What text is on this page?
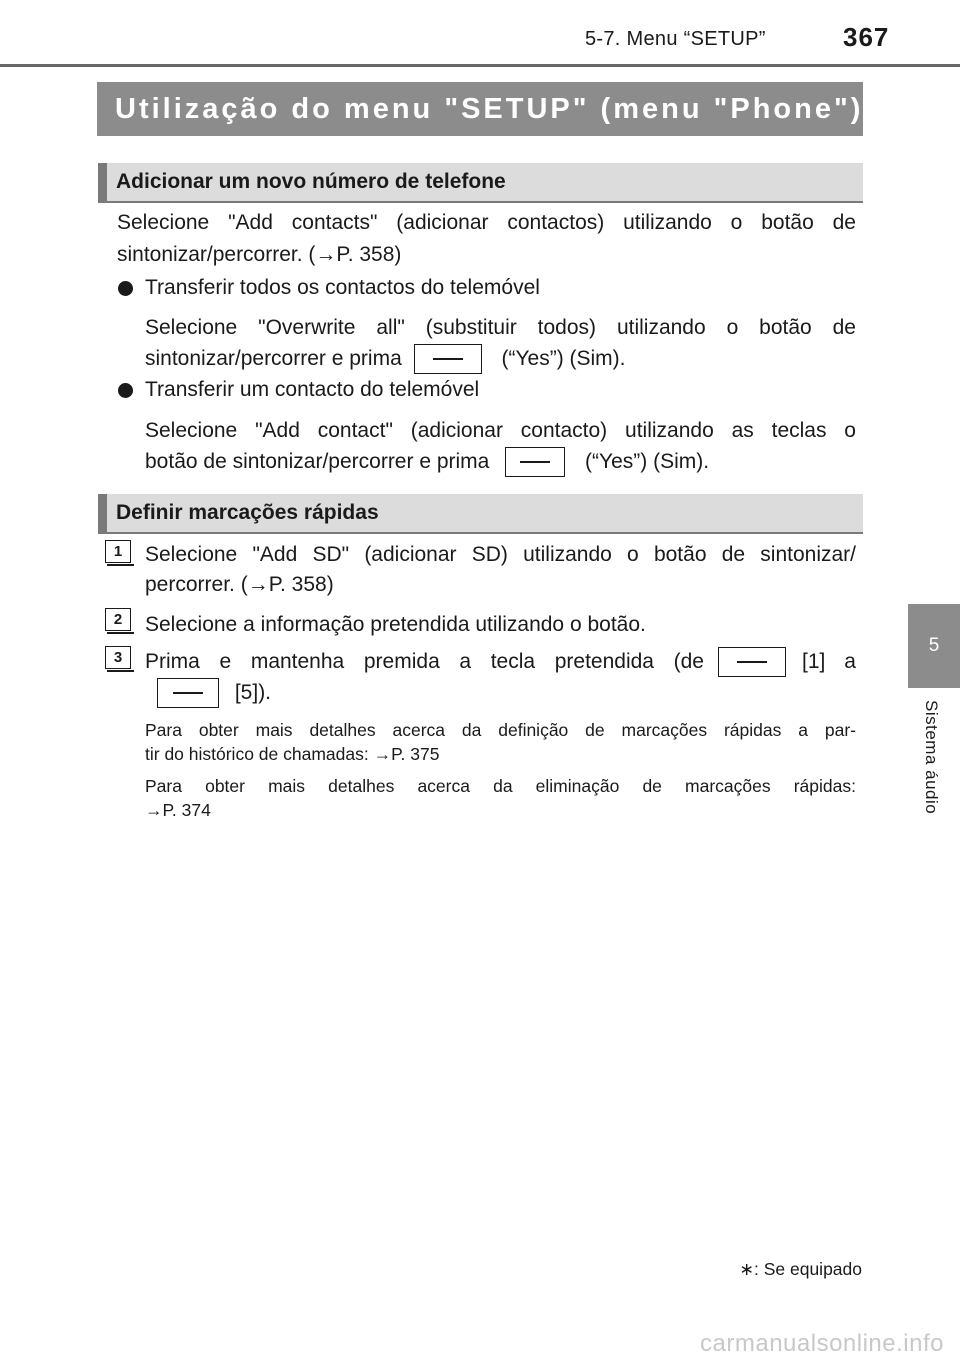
5-7. Menu “SETUP”	367
Utilização do menu "SETUP" (menu "Phone") ∗
Adicionar um novo número de telefone
Selecione "Add contacts" (adicionar contactos) utilizando o botão de
sintonizar/percorrer. (→P. 358)
Transferir todos os contactos do telemóvel
Selecione "Overwrite all" (substituir todos) utilizando o botão de
sintonizar/percorrer e prima	(“Yes”) (Sim).
Transferir um contacto do telemóvel
Selecione "Add contact" (adicionar contacto) utilizando as teclas o
botão de sintonizar/percorrer e prima	(“Yes”) (Sim).
Definir marcações rápidas
1	Selecione "Add SD" (adicionar SD) utilizando o botão de sintonizar/
percorrer. (→P. 358)
2	Selecione a informação pretendida utilizando o botão.
3	Prima e mantenha premida a tecla pretendida (de	[1] a
[5]).
Para obter mais detalhes acerca da definição de marcações rápidas a par-
tir do histórico de chamadas: →P. 375
Para obter mais detalhes acerca da eliminação de marcações rápidas:
→P. 374
5
Sistema áudio
∗: Se equipado
carmanualsonline.info
